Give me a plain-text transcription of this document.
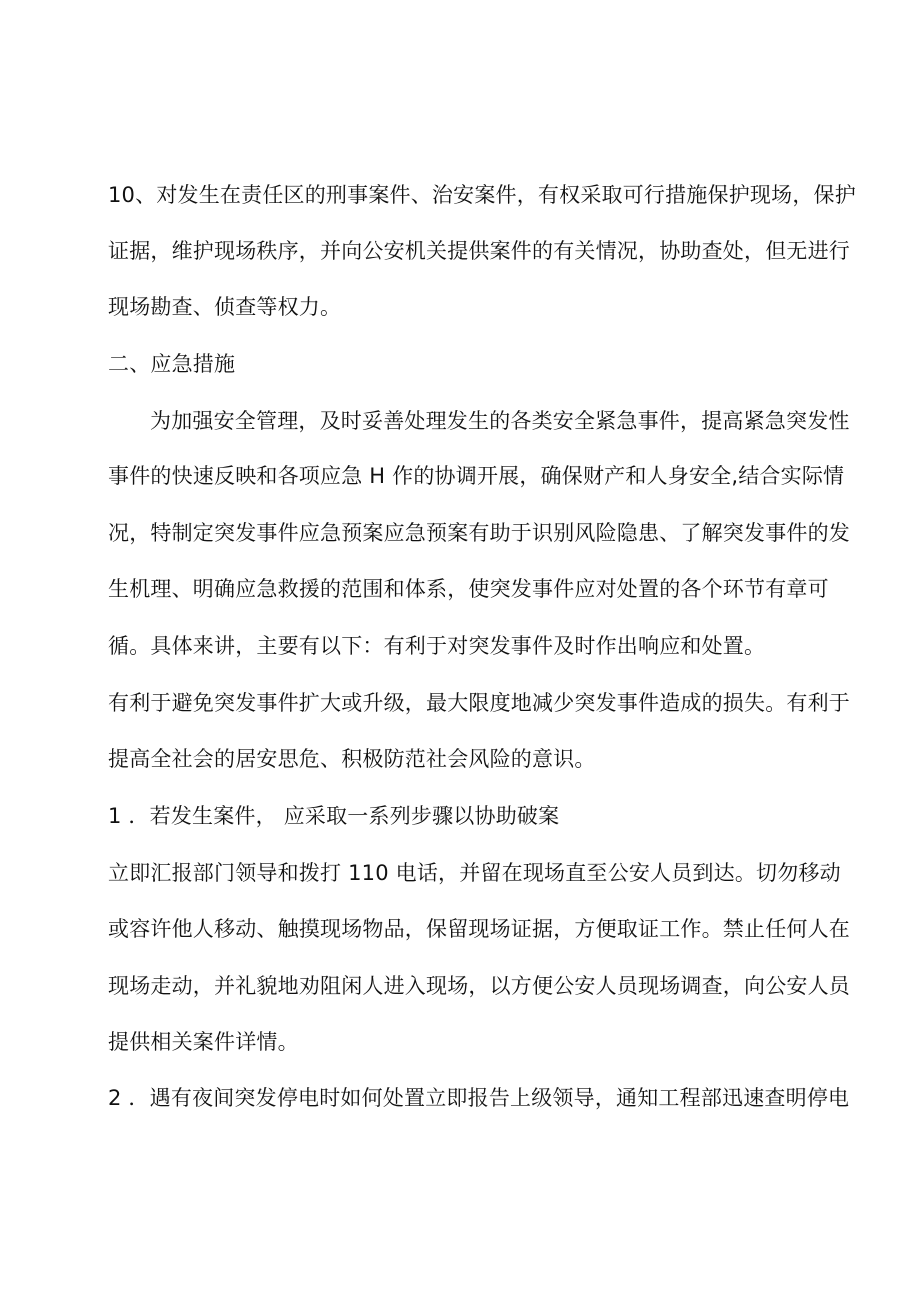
10、对发生在责任区的刑事案件、治安案件，有权采取可行措施保护现场，保护
证据，维护现场秩序，并向公安机关提供案件的有关情况，协助查处，但无进行
现场勘查、侦查等权力。
二、应急措施
为加强安全管理，及时妥善处理发生的各类安全紧急事件，提高紧急突发性
事件的快速反映和各项应急 H 作的协调开展，确保财产和人身安全,结合实际情
况，特制定突发事件应急预案应急预案有助于识别风险隐患、了解突发事件的发
生机理、明确应急救援的范围和体系，使突发事件应对处置的各个环节有章可
循。具体来讲，主要有以下：有利于对突发事件及时作出响应和处置。
有利于避免突发事件扩大或升级，最大限度地减少突发事件造成的损失。有利于
提高全社会的居安思危、积极防范社会风险的意识。
1 ．若发生案件， 应采取一系列步骤以协助破案
立即汇报部门领导和拨打 110 电话，并留在现场直至公安人员到达。切勿移动
或容许他人移动、触摸现场物品，保留现场证据，方便取证工作。禁止任何人在
现场走动，并礼貌地劝阻闲人进入现场，以方便公安人员现场调查，向公安人员
提供相关案件详情。
2 ．遇有夜间突发停电时如何处置立即报告上级领导，通知工程部迅速查明停电
